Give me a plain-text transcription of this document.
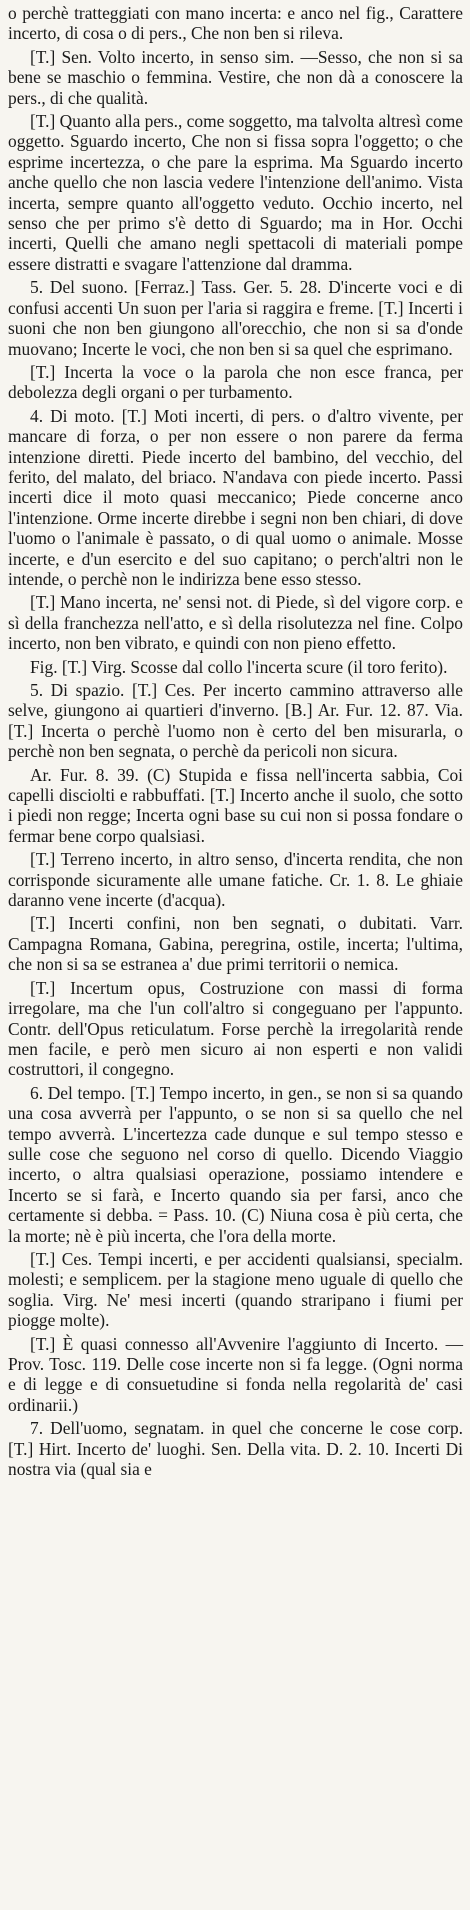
o perchè tratteggiati con mano incerta: e anco nel fig., Carattere incerto, di cosa o di pers., Che non ben si rileva.

[T.] Sen. Volto incerto, in senso sim. —Sesso, che non si sa bene se maschio o femmina. Vestire, che non dà a conoscere la pers., di che qualità.

[T.] Quanto alla pers., come soggetto, ma talvolta altresì come oggetto. Sguardo incerto, Che non si fissa sopra l'oggetto; o che esprime incertezza, o che pare la esprima. Ma Sguardo incerto anche quello che non lascia vedere l'intenzione dell'animo. Vista incerta, sempre quanto all'oggetto veduto. Occhio incerto, nel senso che per primo s'è detto di Sguardo; ma in Hor. Occhi incerti, Quelli che amano negli spettacoli di materiali pompe essere distratti e svagare l'attenzione dal dramma.

5. Del suono. [Ferraz.] Tass. Ger. 5. 28. D'incerte voci e di confusi accenti Un suon per l'aria si raggira e freme. [T.] Incerti i suoni che non ben giungono all'orecchio, che non si sa d'onde muovano; Incerte le voci, che non ben si sa quel che esprimano.

[T.] Incerta la voce o la parola che non esce franca, per debolezza degli organi o per turbamento.

4. Di moto. [T.] Moti incerti, di pers. o d'altro vivente, per mancare di forza, o per non essere o non parere da ferma intenzione diretti. Piede incerto del bambino, del vecchio, del ferito, del malato, del briaco. N'andava con piede incerto. Passi incerti dice il moto quasi meccanico; Piede concerne anco l'intenzione. Orme incerte direbbe i segni non ben chiari, di dove l'uomo o l'animale è passato, o di qual uomo o animale. Mosse incerte, e d'un esercito e del suo capitano; o perch'altri non le intende, o perchè non le indirizza bene esso stesso.

[T.] Mano incerta, ne' sensi not. di Piede, sì del vigore corp. e sì della franchezza nell'atto, e sì della risolutezza nel fine. Colpo incerto, non ben vibrato, e quindi con non pieno effetto.

Fig. [T.] Virg. Scosse dal collo l'incerta scure (il toro ferito).

5. Di spazio. [T.] Ces. Per incerto cammino attraverso alle selve, giungono ai quartieri d'inverno. [B.] Ar. Fur. 12. 87. Via. [T.] Incerta o perchè l'uomo non è certo del ben misurarla, o perchè non ben segnata, o perchè da pericoli non sicura.

Ar. Fur. 8. 39. (C) Stupida e fissa nell'incerta sabbia, Coi capelli disciolti e rabbuffati. [T.] Incerto anche il suolo, che sotto i piedi non regge; Incerta ogni base su cui non si possa fondare o fermar bene corpo qualsiasi.

[T.] Terreno incerto, in altro senso, d'incerta rendita, che non corrisponde sicuramente alle umane fatiche. Cr. 1. 8. Le ghiaie daranno vene incerte (d'acqua).

[T.] Incerti confini, non ben segnati, o dubitati. Varr. Campagna Romana, Gabina, peregrina, ostile, incerta; l'ultima, che non si sa se estranea a' due primi territorii o nemica.

[T.] Incertum opus, Costruzione con massi di forma irregolare, ma che l'un coll'altro si congeguano per l'appunto. Contr. dell'Opus reticulatum. Forse perchè la irregolarità rende men facile, e però men sicuro ai non esperti e non validi costruttori, il congegno.

6. Del tempo. [T.] Tempo incerto, in gen., se non si sa quando una cosa avverrà per l'appunto, o se non si sa quello che nel tempo avverrà. L'incertezza cade dunque e sul tempo stesso e sulle cose che seguono nel corso di quello. Dicendo Viaggio incerto, o altra qualsiasi operazione, possiamo intendere e Incerto se si farà, e Incerto quando sia per farsi, anco che certamente si debba. = Pass. 10. (C) Niuna cosa è più certa, che la morte; nè è più incerta, che l'ora della morte.

[T.] Ces. Tempi incerti, e per accidenti qualsiansi, specialm. molesti; e semplicem. per la stagione meno uguale di quello che soglia. Virg. Ne' mesi incerti (quando straripano i fiumi per piogge molte).

[T.] È quasi connesso all'Avvenire l'aggiunto di Incerto. — Prov. Tosc. 119. Delle cose incerte non si fa legge. (Ogni norma e di legge e di consuetudine si fonda nella regolarità de' casi ordinarii.)

7. Dell'uomo, segnatam. in quel che concerne le cose corp. [T.] Hirt. Incerto de' luoghi. Sen. Della vita. D. 2. 10. Incerti Di nostra via (qual sia e
